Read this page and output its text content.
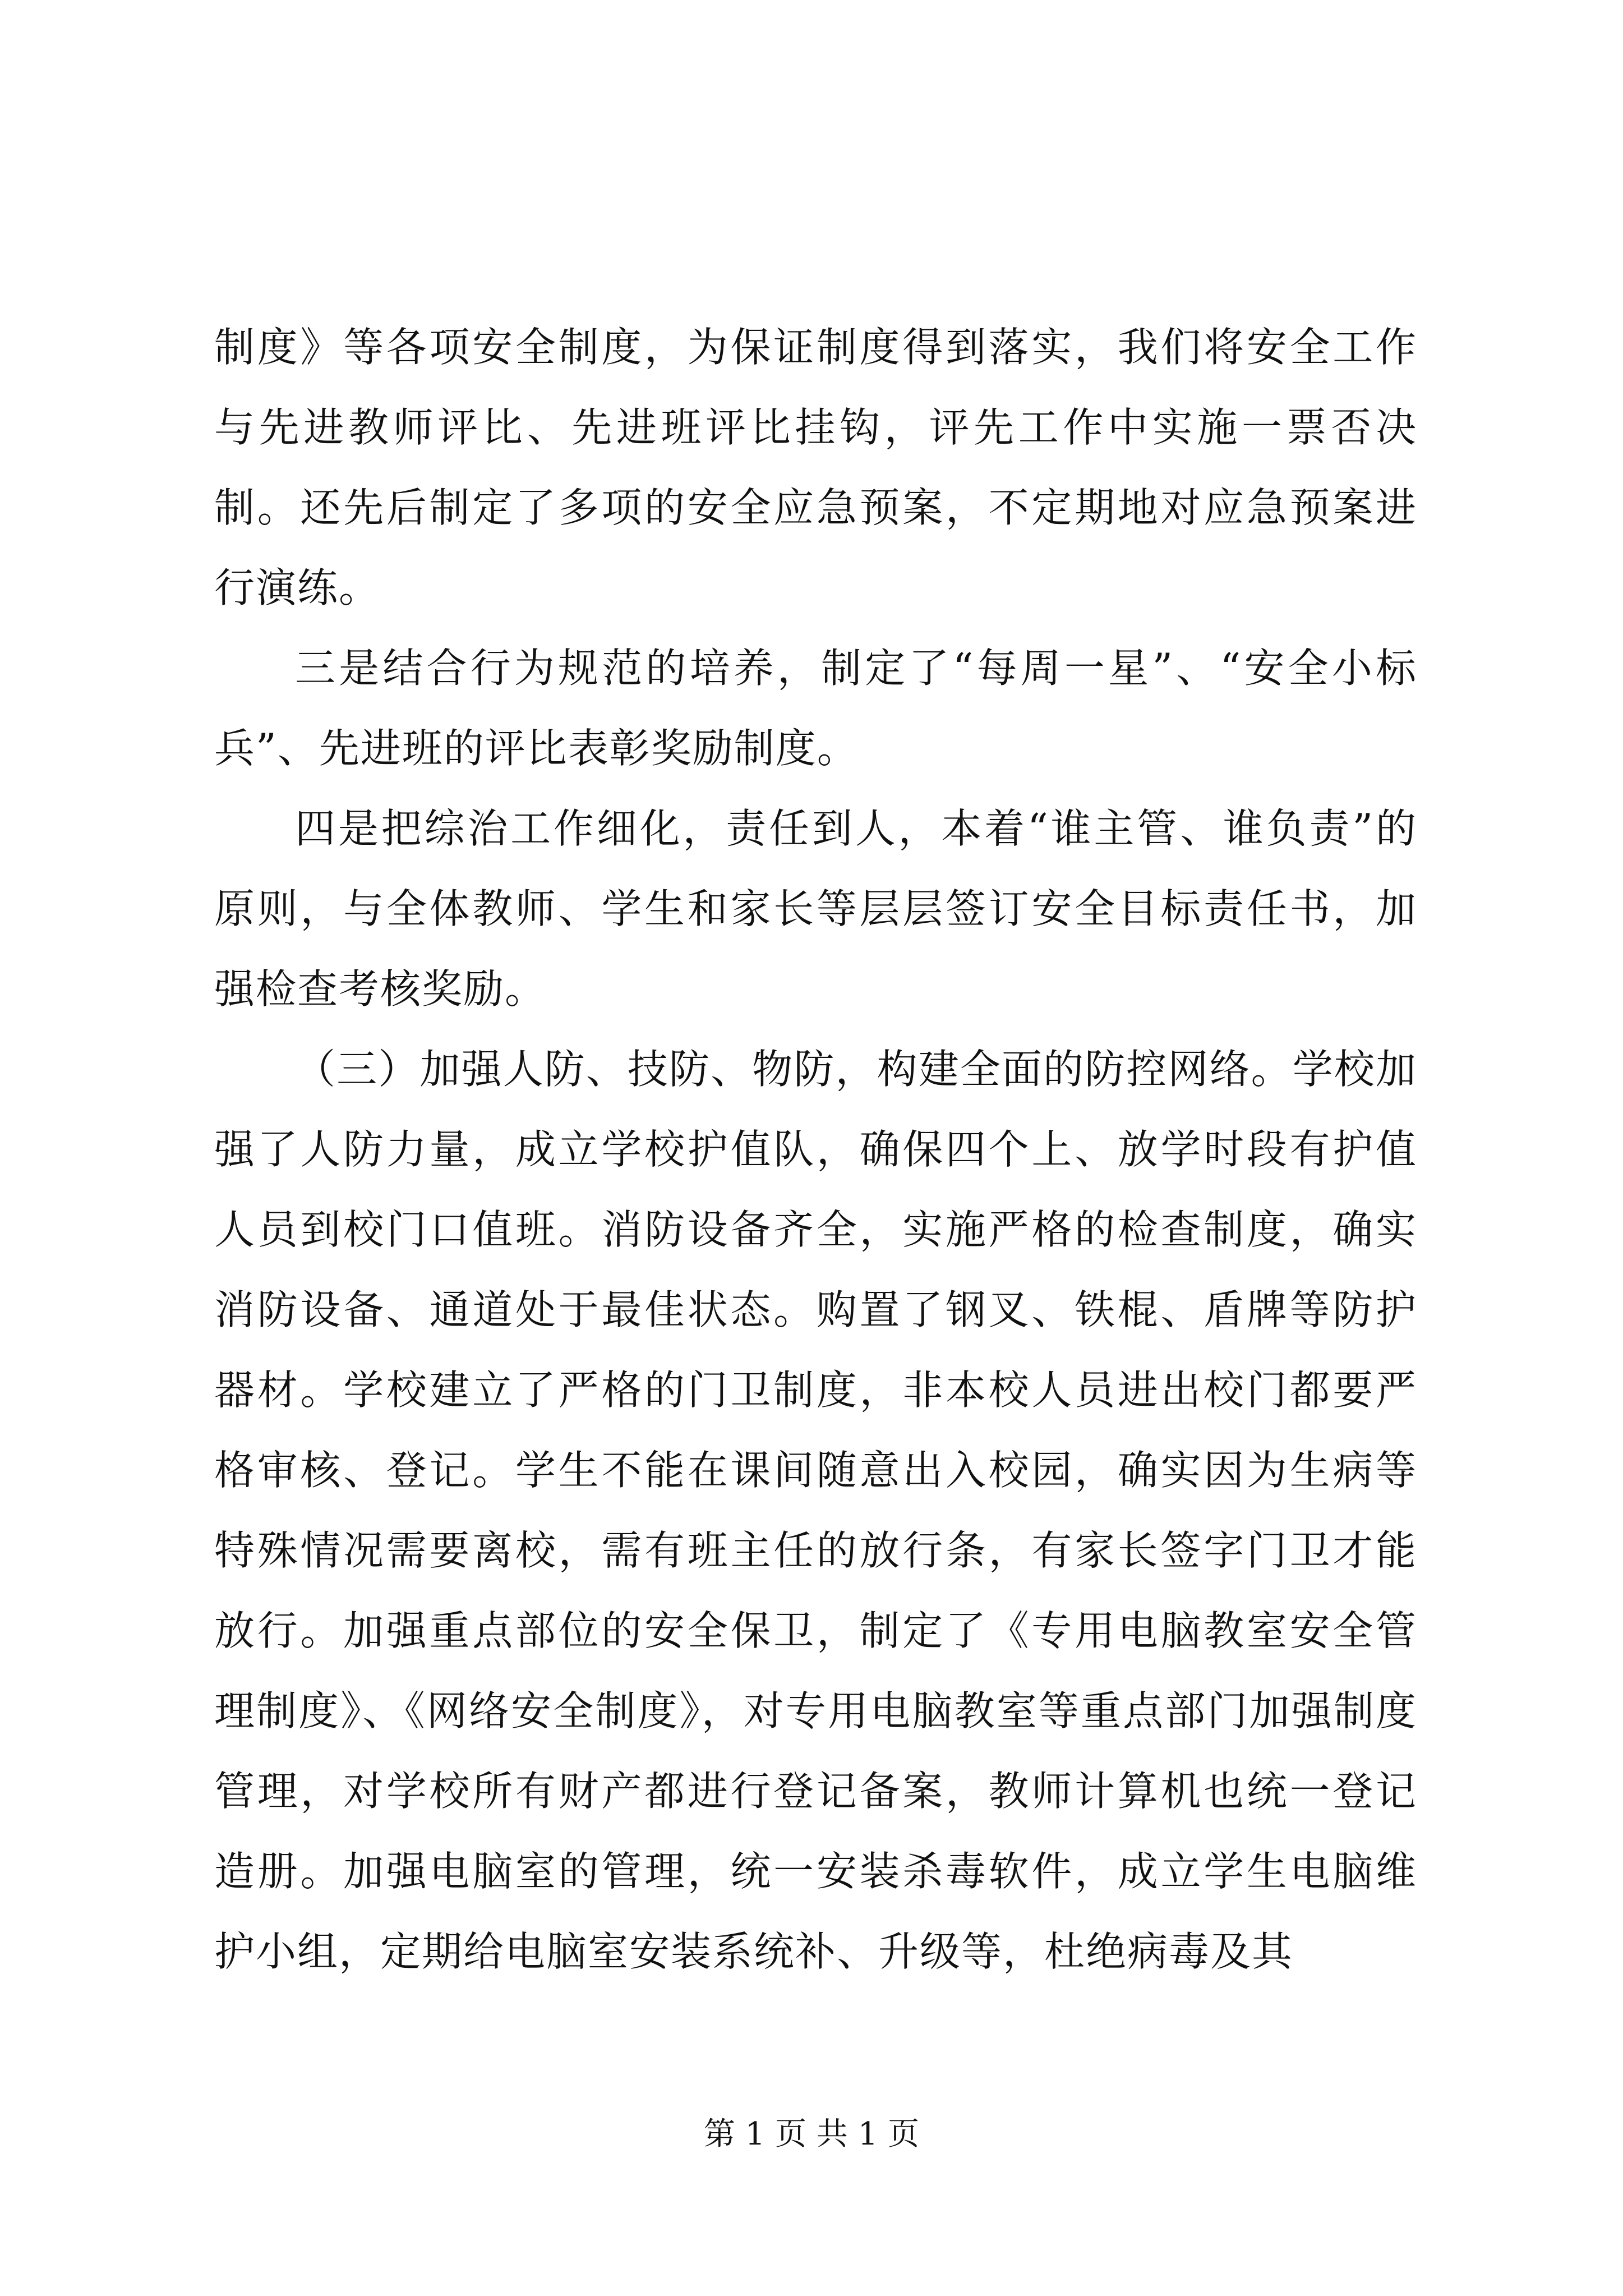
制度》等各项安全制度，为保证制度得到落实，我们将安全工作与先进教师评比、先进班评比挂钩，评先工作中实施一票否决制。还先后制定了多项的安全应急预案，不定期地对应急预案进行演练。

三是结合行为规范的培养，制定了“每周一星”、“安全小标兵”、先进班的评比表彰奖励制度。

四是把综治工作细化，责任到人，本着“谁主管、谁负责”的原则，与全体教师、学生和家长等层层签订安全目标责任书，加强检查考核奖励。

（三）加强人防、技防、物防，构建全面的防控网络。学校加强了人防力量，成立学校护值队，确保四个上、放学时段有护值人员到校门口值班。消防设备齐全，实施严格的检查制度，确实消防设备、通道处于最佳状态。购置了钢叉、铁棍、盾牌等防护器材。学校建立了严格的门卫制度，非本校人员进出校门都要严格审核、登记。学生不能在课间随意出入校园，确实因为生病等特殊情况需要离校，需有班主任的放行条，有家长签字门卫才能放行。加强重点部位的安全保卫，制定了《专用电脑教室安全管理制度》、《网络安全制度》，对专用电脑教室等重点部门加强制度管理，对学校所有财产都进行登记备案，教师计算机也统一登记造册。加强电脑室的管理，统一安装杀毒软件，成立学生电脑维护小组，定期给电脑室安装系统补、升级等，杜绝病毒及其

第 1 页 共 1 页
